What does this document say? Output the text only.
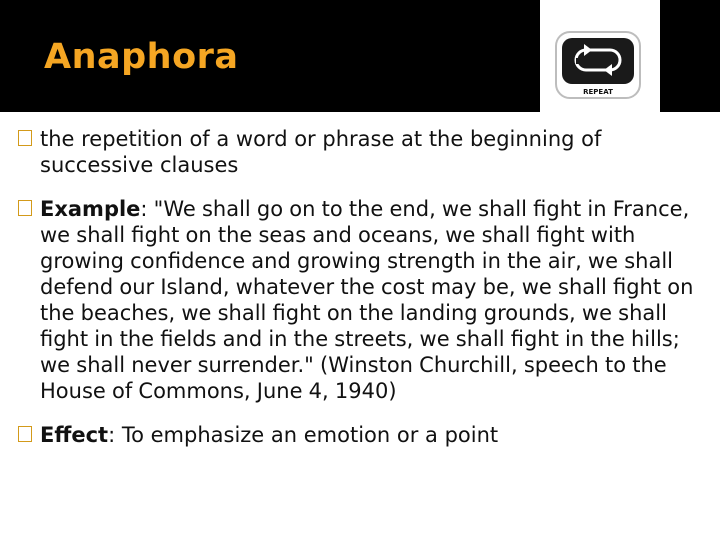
Anaphora
REPEAT
the repetition of a word or phrase at the beginning of successive clauses
Example: "We shall go on to the end, we shall fight in France, we shall fight on the seas and oceans, we shall fight with growing confidence and growing strength in the air, we shall defend our Island, whatever the cost may be, we shall fight on the beaches, we shall fight on the landing grounds, we shall fight in the fields and in the streets, we shall fight in the hills; we shall never surrender." (Winston Churchill, speech to the House of Commons, June 4, 1940)
Effect: To emphasize an emotion or a point
